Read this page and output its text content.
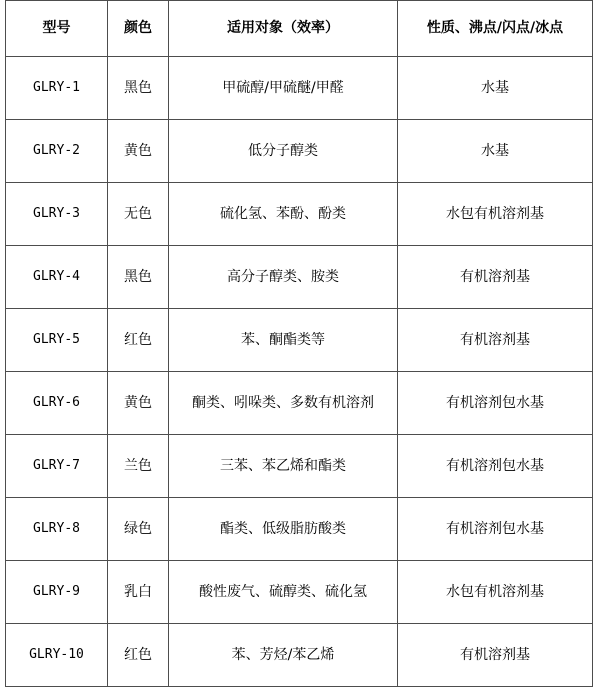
型号	颜色	适用对象（效率）	性质、沸点/闪点/冰点
GLRY-1	黑色	甲硫醇/甲硫醚/甲醛	水基
GLRY-2	黄色	低分子醇类	水基
GLRY-3	无色	硫化氢、苯酚、酚类	水包有机溶剂基
GLRY-4	黑色	高分子醇类、胺类	有机溶剂基
GLRY-5	红色	苯、酮酯类等	有机溶剂基
GLRY-6	黄色	酮类、吲哚类、多数有机溶剂	有机溶剂包水基
GLRY-7	兰色	三苯、苯乙烯和酯类	有机溶剂包水基
GLRY-8	绿色	酯类、低级脂肪酸类	有机溶剂包水基
GLRY-9	乳白	酸性废气、硫醇类、硫化氢	水包有机溶剂基
GLRY-10	红色	苯、芳烃/苯乙烯	有机溶剂基
